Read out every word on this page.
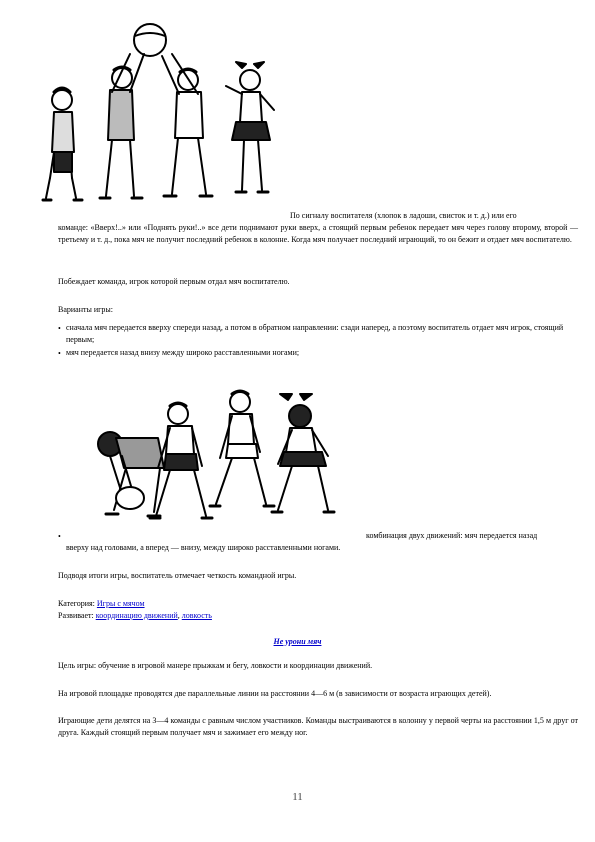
По сигналу воспитателя (хлопок в ладоши, свисток и т. д.) или его

команде: «Вверх!..» или «Поднять руки!..» все дети поднимают руки вверх, а стоящий первым ребенок передает мяч через голову второму, второй — третьему и т. д., пока мяч не получит последний ребенок в колонне. Когда мяч получает последний играющий, то он бежит и отдает мяч воспитателю.

Побеждает команда, игрок которой первым отдал мяч воспитателю.

Варианты игры:

• сначала мяч передается вверху спереди назад, а потом в обратном направлении: сзади наперед, а поэтому воспитатель отдает мяч игрок, стоящий первым;

• мяч передается назад внизу между широко расставленными ногами;

•	комбинация двух движений: мяч передается назад

вверху над головами, а вперед — внизу, между широко расставленными ногами.

Подводя итоги игры, воспитатель отмечает четкость командной игры.

Категория: Игры с мячом

Развивает: координацию движений, ловкость

Не урони мяч

Цель игры: обучение в игровой манере прыжкам и бегу, ловкости и координации движений.

На игровой площадке проводятся две параллельные линии на расстоянии 4—6 м (в зависимости от возраста играющих детей).

Играющие дети делятся на 3—4 команды с равным числом участников. Команды выстраиваются в колонну у первой черты на расстоянии 1,5 м друг от друга. Каждый стоящий первым получает мяч и зажимает его между ног.

11
